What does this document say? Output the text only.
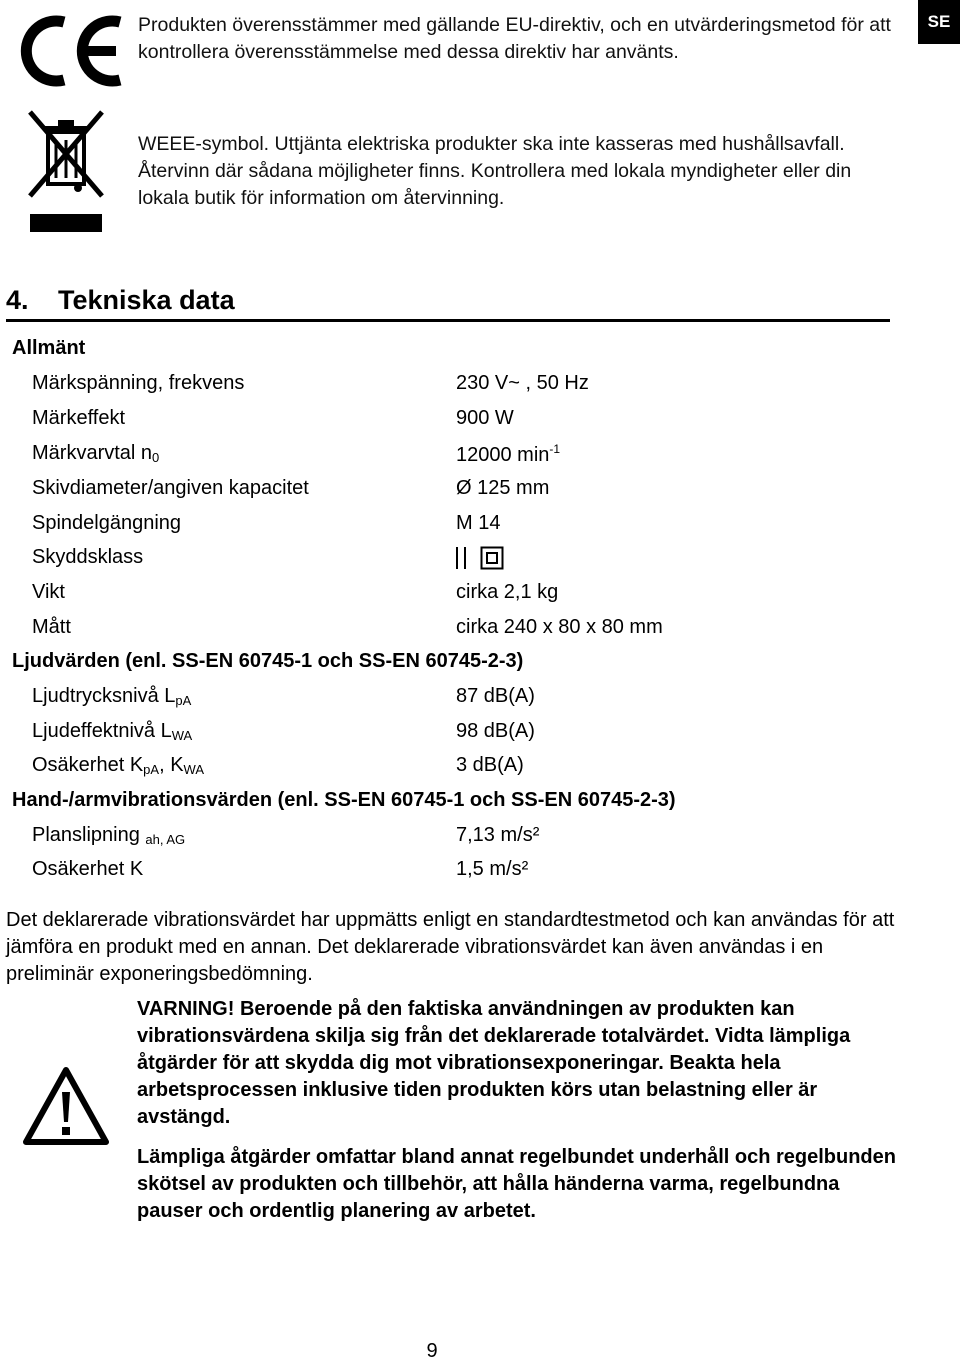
SE
Produkten överensstämmer med gällande EU-direktiv, och en utvärderingsmetod för att kontrollera överensstämmelse med dessa direktiv har använts.
WEEE-symbol. Uttjänta elektriska produkter ska inte kasseras med hushållsavfall. Återvinn där sådana möjligheter finns. Kontrollera med lokala myndigheter eller din lokala butik för information om återvinning.
4. Tekniska data
Allmänt
Märkspänning, frekvens	230 V~ , 50 Hz
Märkeffekt	900 W
Märkvarvtal $n_0$	12000 $\min^{-1}$
Skivdiameter/angiven kapacitet	Ø 125 mm
Spindelgängning	M 14
Skyddsklass
Vikt	cirka 2,1 kg
Mått	cirka 240 x 80 x 80 mm
Ljudvärden (enl. SS-EN 60745-1 och SS-EN 60745-2-3)
Ljudtrycksnivå $L_{pA}$	87 dB(A)
Ljudeffektnivå $L_{WA}$	98 dB(A)
Osäkerhet $K_{pA}$, $K_{WA}$	3 dB(A)
Hand-/armvibrationsvärden (enl. SS-EN 60745-1 och SS-EN 60745-2-3)
Planslipning $_{ah, AG}$	7,13 m/s²
Osäkerhet K	1,5 m/s²
Det deklarerade vibrationsvärdet har uppmätts enligt en standardtestmetod och kan användas för att jämföra en produkt med en annan. Det deklarerade vibrationsvärdet kan även användas i en preliminär exponeringsbedömning.
VARNING! Beroende på den faktiska användningen av produkten kan vibrationsvärdena skilja sig från det deklarerade totalvärdet. Vidta lämpliga åtgärder för att skydda dig mot vibrationsexponeringar. Beakta hela arbetsprocessen inklusive tiden produkten körs utan belastning eller är avstängd.
Lämpliga åtgärder omfattar bland annat regelbundet underhåll och regelbunden skötsel av produkten och tillbehör, att hålla händerna varma, regelbundna pauser och ordentlig planering av arbetet.
9
